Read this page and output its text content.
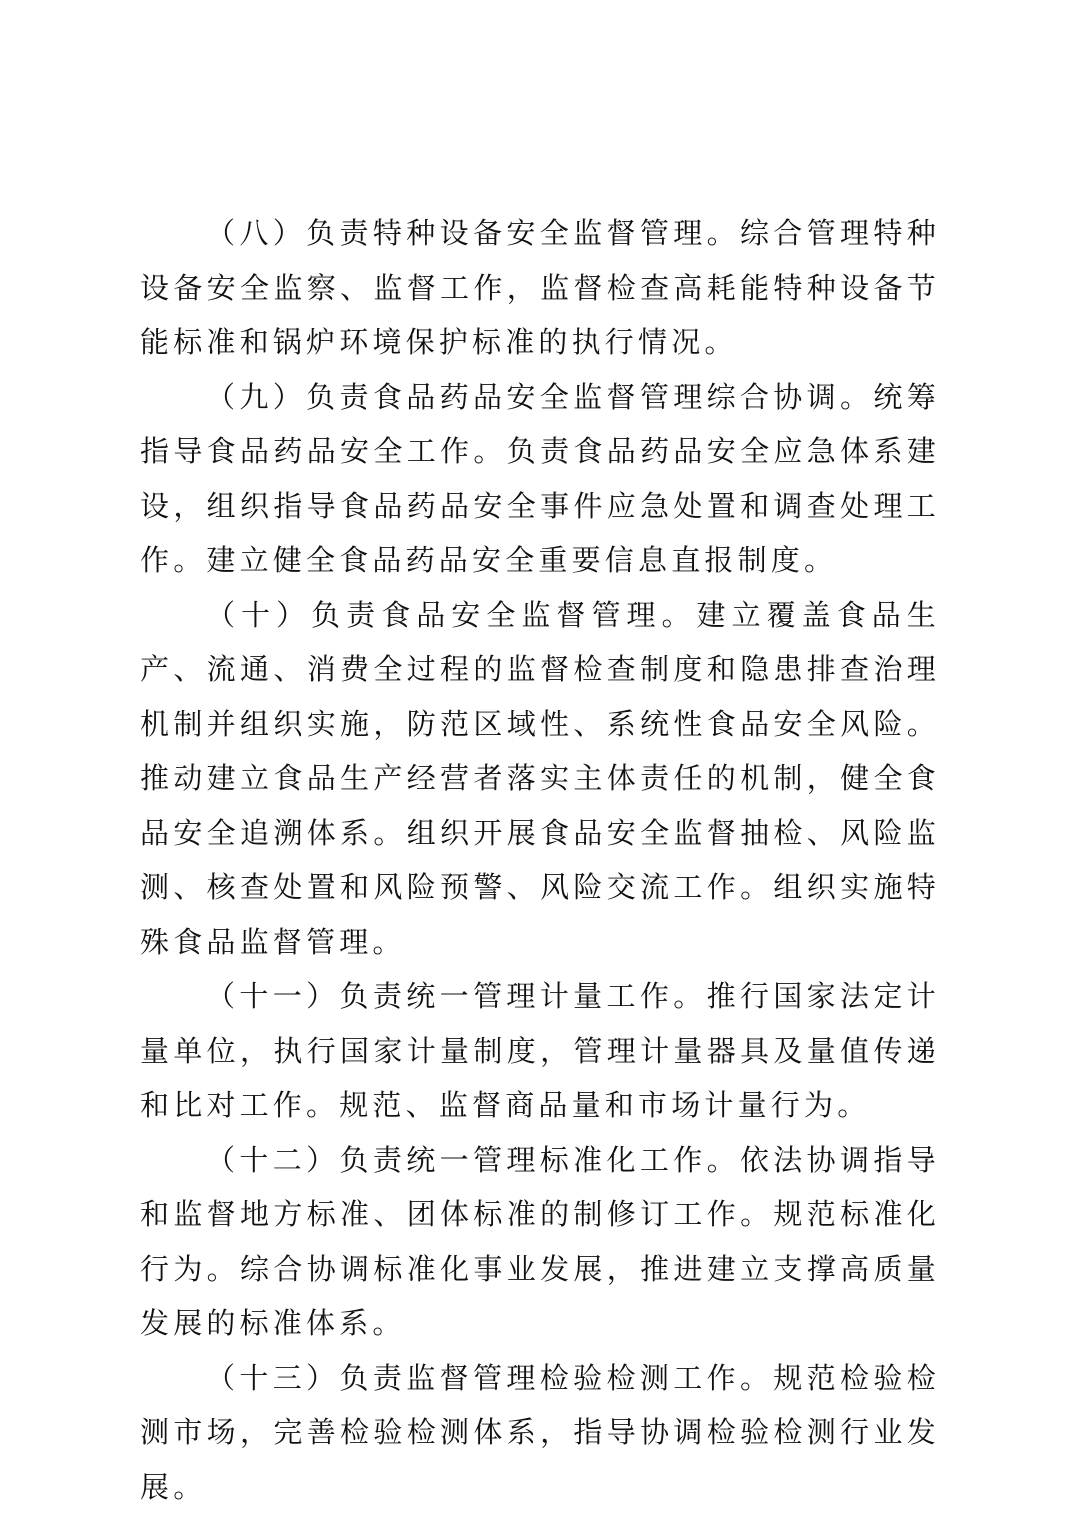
（八）负责特种设备安全监督管理。综合管理特种设备安全监察、监督工作，监督检查高耗能特种设备节能标准和锅炉环境保护标准的执行情况。

（九）负责食品药品安全监督管理综合协调。统筹指导食品药品安全工作。负责食品药品安全应急体系建设，组织指导食品药品安全事件应急处置和调查处理工作。建立健全食品药品安全重要信息直报制度。

（十）负责食品安全监督管理。建立覆盖食品生产、流通、消费全过程的监督检查制度和隐患排查治理机制并组织实施，防范区域性、系统性食品安全风险。推动建立食品生产经营者落实主体责任的机制，健全食品安全追溯体系。组织开展食品安全监督抽检、风险监测、核查处置和风险预警、风险交流工作。组织实施特殊食品监督管理。

（十一）负责统一管理计量工作。推行国家法定计量单位，执行国家计量制度，管理计量器具及量值传递和比对工作。规范、监督商品量和市场计量行为。

（十二）负责统一管理标准化工作。依法协调指导和监督地方标准、团体标准的制修订工作。规范标准化行为。综合协调标准化事业发展，推进建立支撑高质量发展的标准体系。

（十三）负责监督管理检验检测工作。规范检验检测市场，完善检验检测体系，指导协调检验检测行业发展。
